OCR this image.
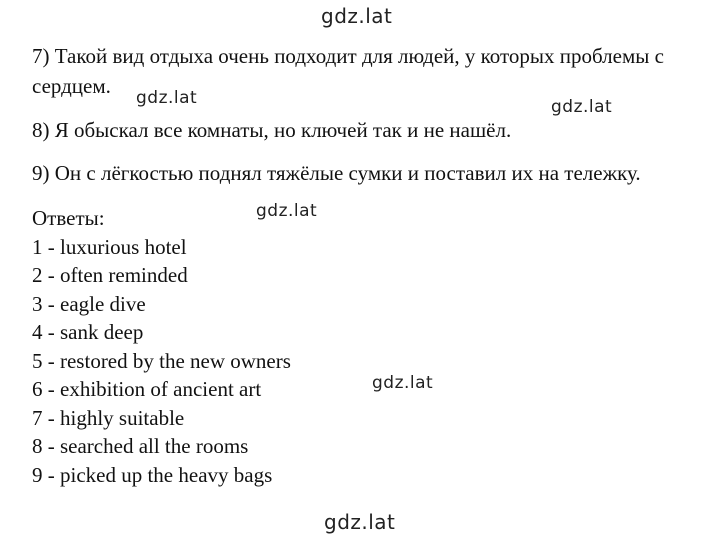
gdz.lat
7) Такой вид отдыха очень подходит для людей, у которых проблемы с
сердцем. gdz.lat	gdz.lat
8) Я обыскал все комнаты, но ключей так и не нашёл.
9) Он с лёгкостью поднял тяжёлые сумки и поставил их на тележку.
gdz.lat
Ответы:
1 - luxurious hotel
2 - often reminded
3 - eagle dive
4 - sank deep
5 - restored by the new owners
6 - exhibition of ancient art
7 - highly suitable
8 - searched all the rooms
9 - picked up the heavy bags
gdz.lat
gdz.lat
